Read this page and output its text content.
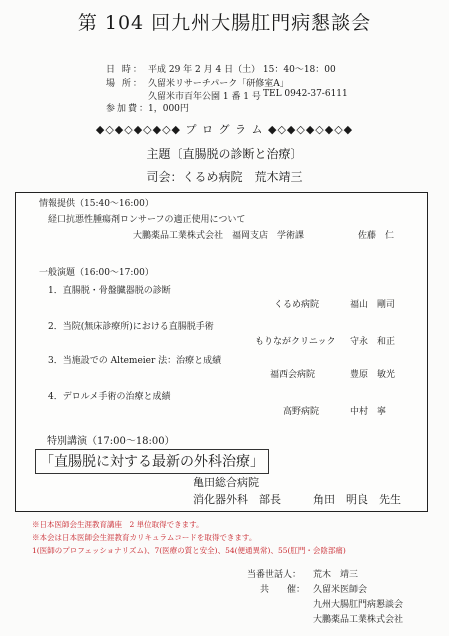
第 104 回九州大腸肛門病懇談会
日 時： 平成 29 年 2 月 4 日（土） 15：40～18：00
場 所： 久留米リサーチパーク「研修室A」
久留米市百年公園 1 番 1 号 TEL 0942-37-6111
参加費：1，000円
◆◇◆◇◆◇◆◇◆ プ ロ グ ラ ム ◆◇◆◇◆◇◆◇◆
主題〔直腸脱の診断と治療〕
司会：くるめ病院　荒木靖三
情報提供（15:40～16:00）
経口抗悪性腫瘍剤ロンサーフの適正使用について
大鵬薬品工業株式会社　福岡支店　学術課	佐藤　仁
一般演題（16:00～17:00）
1．直腸脱・骨盤臓器脱の診断
くるめ病院	福山　剛司
2．当院(無床診療所)における直腸脱手術
もりながクリニック 守永　和正
3．当施設での Altemeier 法：治療と成績
福西会病院	豊原　敏光
4．デロルメ手術の治療と成績
高野病院	中村　寧
特別講演（17:00～18:00）
「直腸脱に対する最新の外科治療」
亀田総合病院
消化器外科　部長	角田　明良　先生
※日本医師会生涯教育講座　2 単位取得できます。
※本会は日本医師会生涯教育カリキュラムコードを取得できます。
1(医師のプロフェッショナリズム)、7(医療の質と安全)、54(便通異常)、55(肛門・会陰部痛)
当番世話人： 荒木　靖三
共　　催： 久留米医師会
九州大腸肛門病懇談会
大鵬薬品工業株式会社
